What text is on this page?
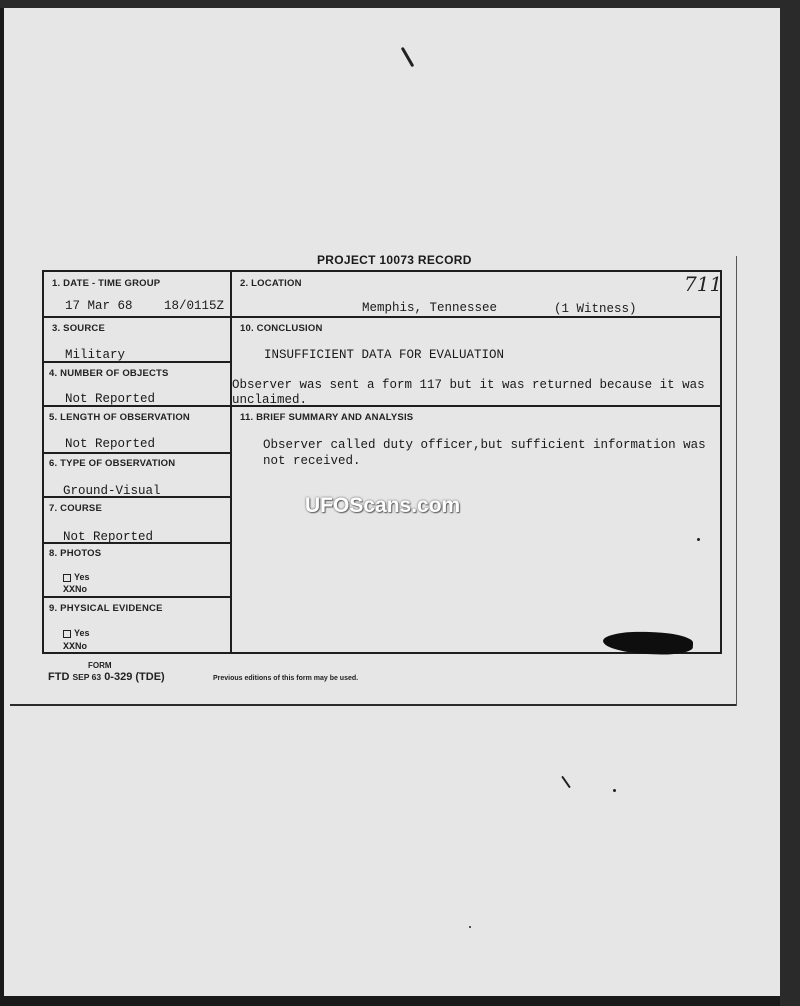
PROJECT 10073 RECORD
1. DATE - TIME GROUP
17 Mar 68	18/0115Z
2. LOCATION
Memphis, Tennessee	(1 Witness)
3. SOURCE
Military
4. NUMBER OF OBJECTS
Not Reported
5. LENGTH OF OBSERVATION
Not Reported
6. TYPE OF OBSERVATION
Ground-Visual
7. COURSE
Not Reported
8. PHOTOS
Yes
XXNo
9. PHYSICAL EVIDENCE
Yes
XXNo
10. CONCLUSION
INSUFFICIENT DATA FOR EVALUATION
Observer was sent a form 117 but it was returned because it was
unclaimed.
11. BRIEF SUMMARY AND ANALYSIS
Observer called duty officer,but sufficient information was
not received.
711
UFOScans.com
FORM
FTD SEP 63 0-329 (TDE)	Previous editions of this form may be used.
